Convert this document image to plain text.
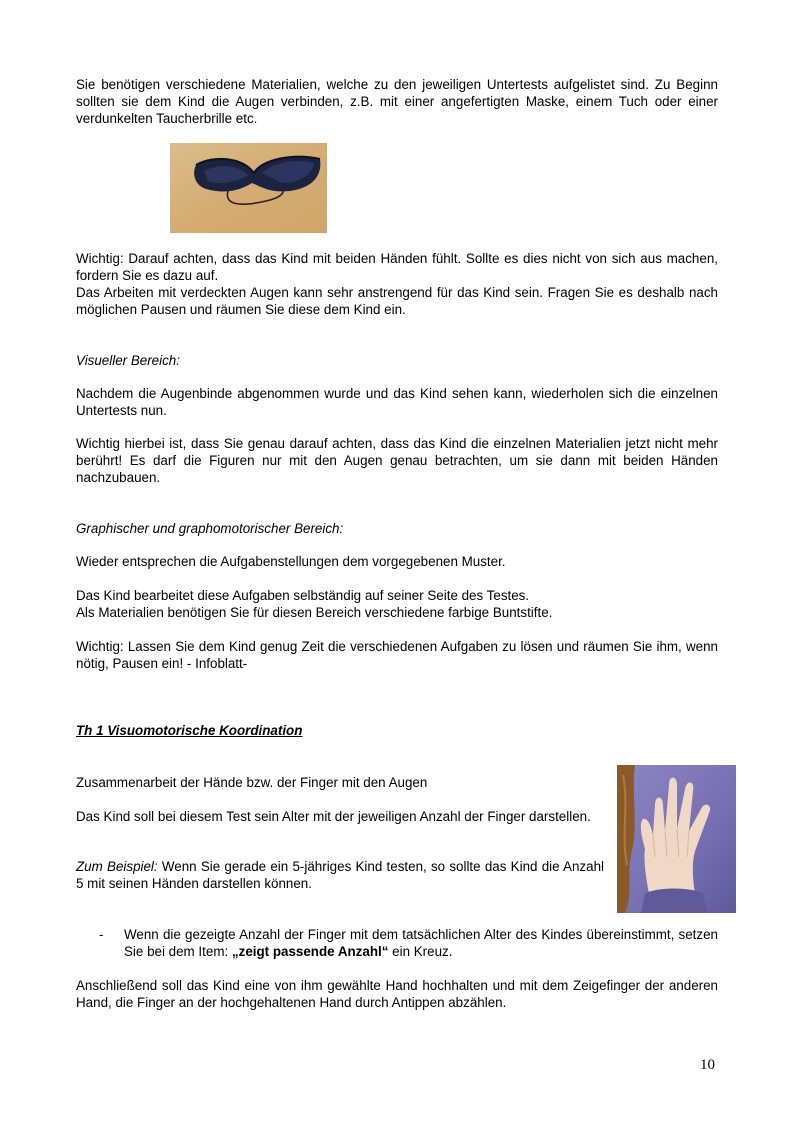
Sie benötigen verschiedene Materialien, welche zu den jeweiligen Untertests aufgelistet sind. Zu Beginn sollten sie dem Kind die Augen verbinden, z.B. mit einer angefertigten Maske, einem Tuch oder einer verdunkelten Taucherbrille etc.

Wichtig: Darauf achten, dass das Kind mit beiden Händen fühlt. Sollte es dies nicht von sich aus machen, fordern Sie es dazu auf.

Das Arbeiten mit verdeckten Augen kann sehr anstrengend für das Kind sein. Fragen Sie es deshalb nach möglichen Pausen und räumen Sie diese dem Kind ein.

Visueller Bereich:

Nachdem die Augenbinde abgenommen wurde und das Kind sehen kann, wiederholen sich die einzelnen Untertests nun.

Wichtig hierbei ist, dass Sie genau darauf achten, dass das Kind die einzelnen Materialien jetzt nicht mehr berührt! Es darf die Figuren nur mit den Augen genau betrachten, um sie dann mit beiden Händen nachzubauen.

Graphischer und graphomotorischer Bereich:

Wieder entsprechen die Aufgabenstellungen dem vorgegebenen Muster.

Das Kind bearbeitet diese Aufgaben selbständig auf seiner Seite des Testes.

Als Materialien benötigen Sie für diesen Bereich verschiedene farbige Buntstifte.

Wichtig: Lassen Sie dem Kind genug Zeit die verschiedenen Aufgaben zu lösen und räumen Sie ihm, wenn nötig, Pausen ein! - Infoblatt-

Th 1 Visuomotorische Koordination

Zusammenarbeit der Hände bzw. der Finger mit den Augen

Das Kind soll bei diesem Test sein Alter mit der jeweiligen Anzahl der Finger darstellen.

Zum Beispiel: Wenn Sie gerade ein 5-jähriges Kind testen, so sollte das Kind die Anzahl 5 mit seinen Händen darstellen können.

- Wenn die gezeigte Anzahl der Finger mit dem tatsächlichen Alter des Kindes übereinstimmt, setzen Sie bei dem Item: „zeigt passende Anzahl“ ein Kreuz.

Anschließend soll das Kind eine von ihm gewählte Hand hochhalten und mit dem Zeigefinger der anderen Hand, die Finger an der hochgehaltenen Hand durch Antippen abzählen.

10
